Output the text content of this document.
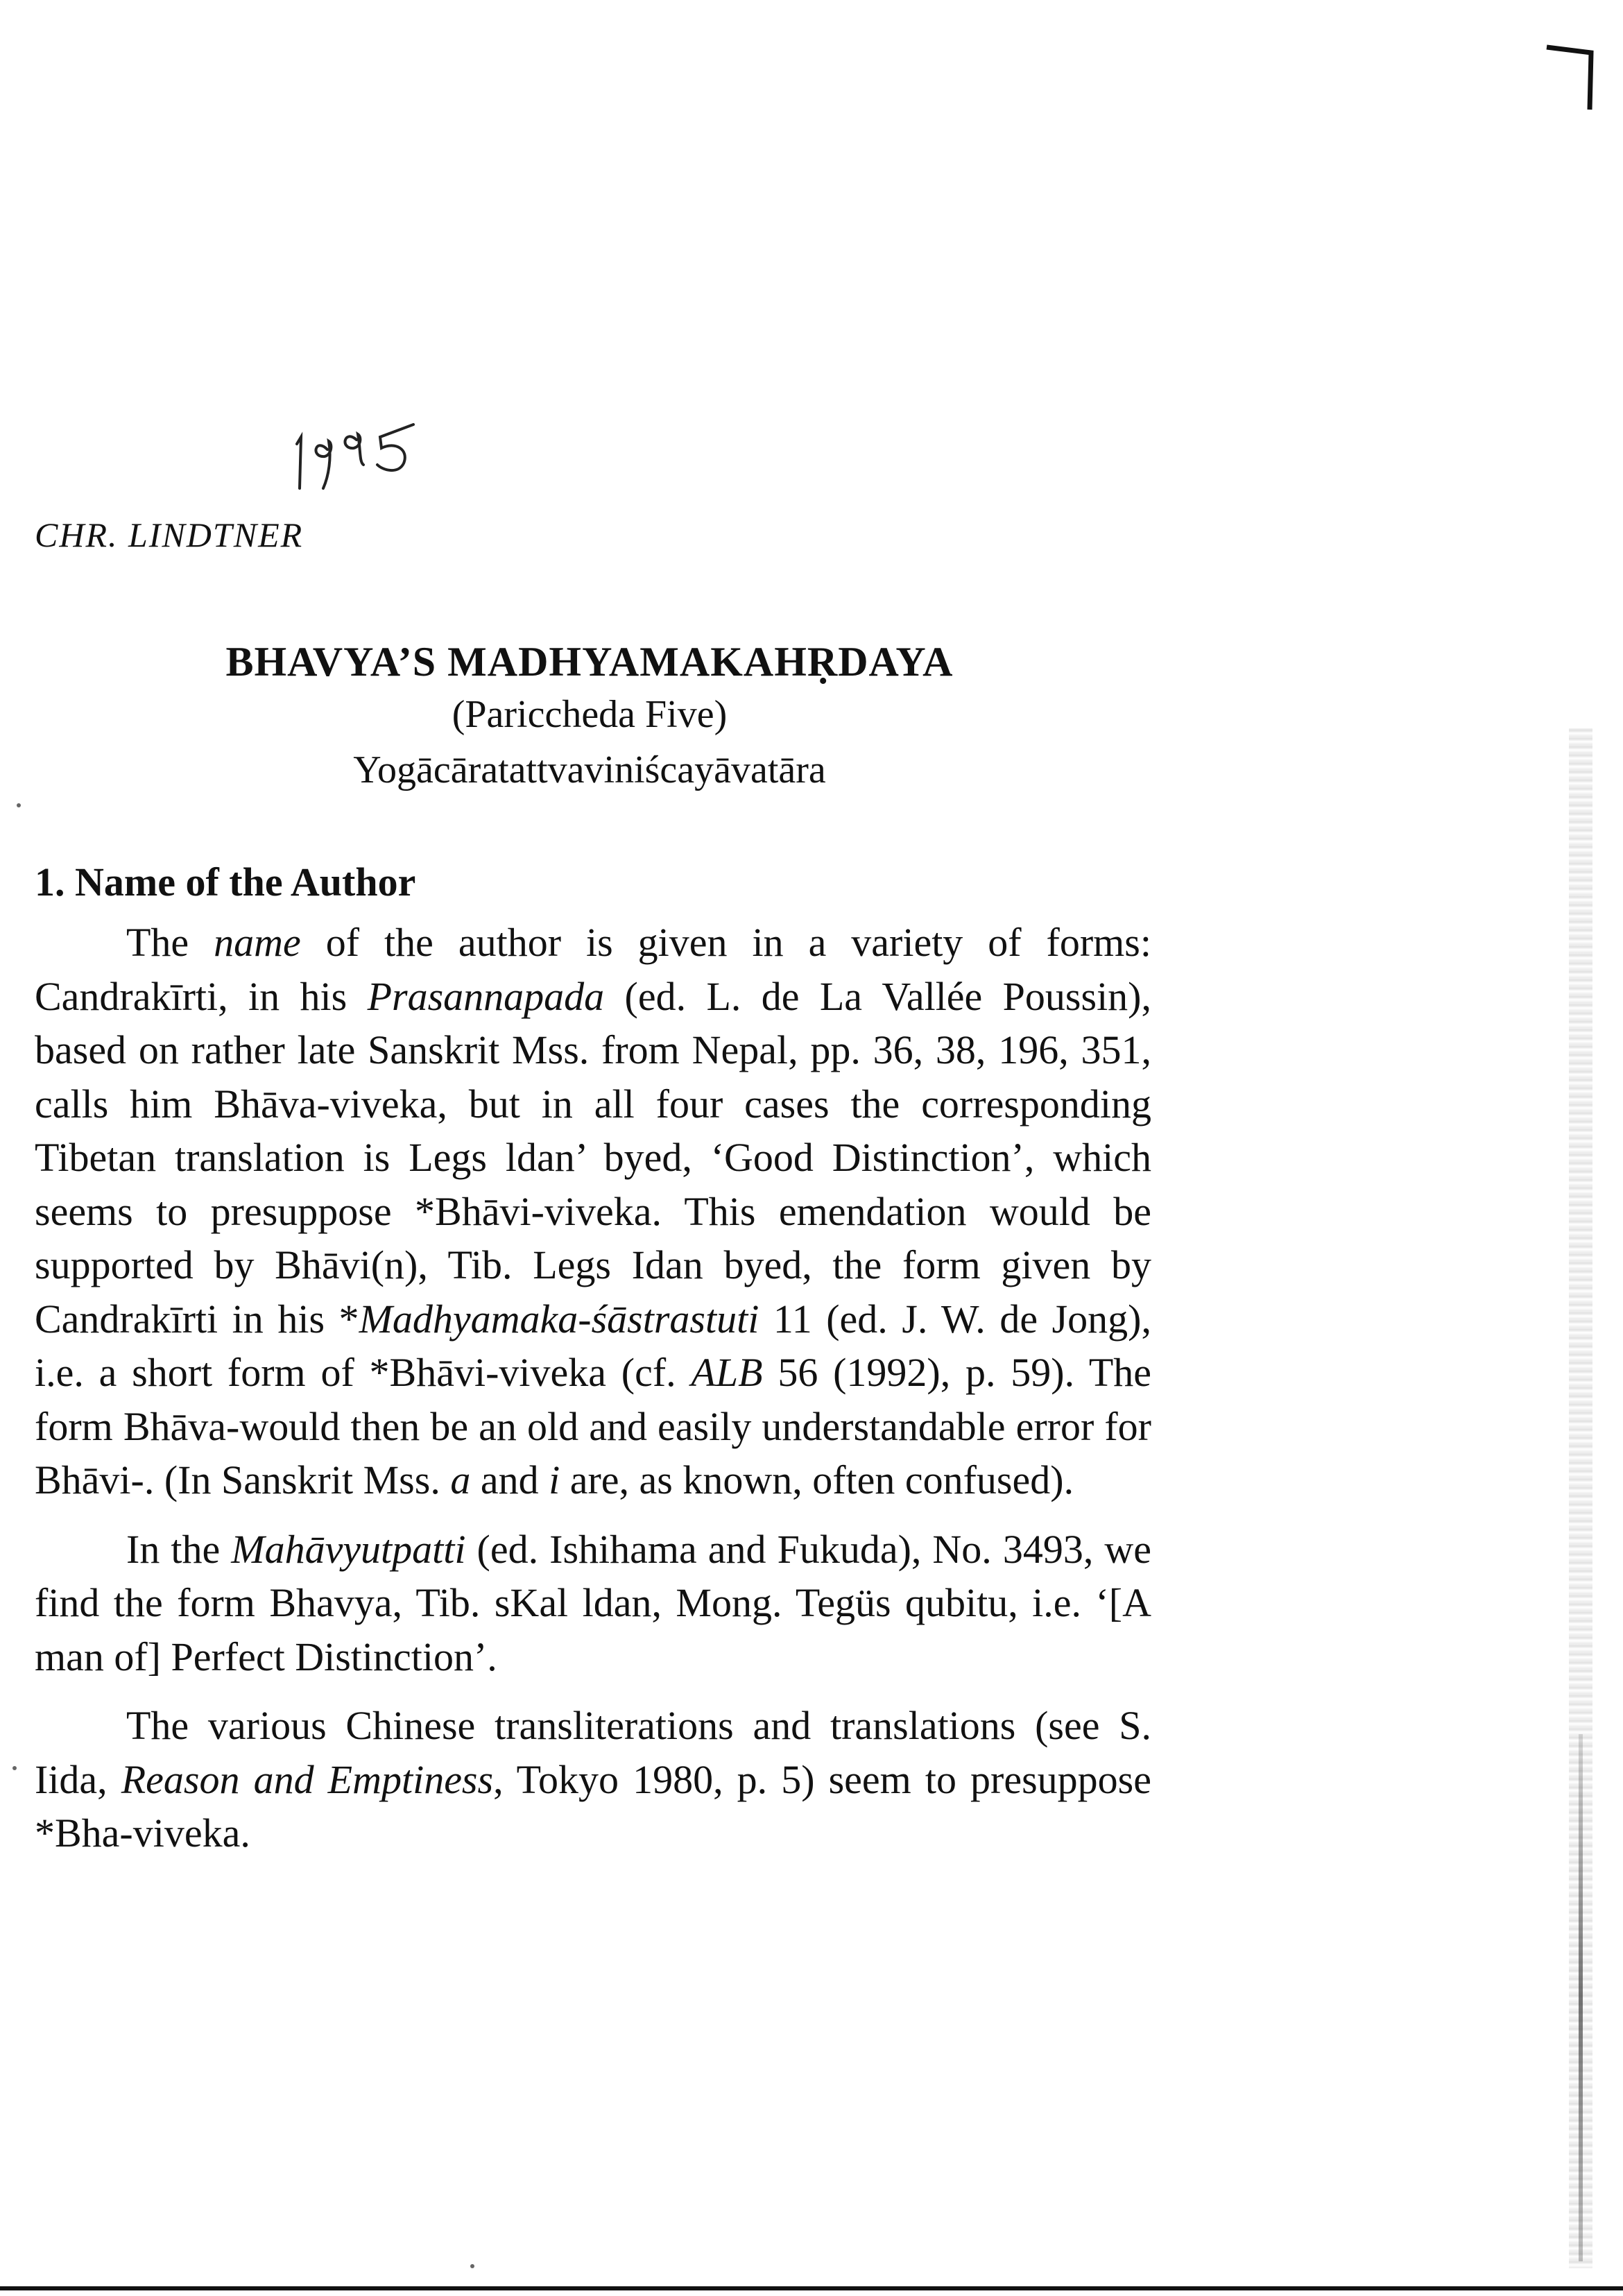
CHR. LINDTNER
BHAVYA’S MADHYAMAKAHṚDAYA
(Pariccheda Five)
Yogācāratattvaviniścayāvatāra
1. Name of the Author

The name of the author is given in a variety of forms: Candrakīrti, in his Prasannapada (ed. L. de La Vallée Poussin), based on rather late Sanskrit Mss. from Nepal, pp. 36, 38, 196, 351, calls him Bhāva-viveka, but in all four cases the corresponding Tibetan translation is Legs ldan’ byed, ‘Good Distinction’, which seems to presuppose *Bhāvi-viveka. This emendation would be supported by Bhāvi(n), Tib. Legs Idan byed, the form given by Candrakīrti in his *Madhyamaka-śāstrastuti 11 (ed. J. W. de Jong), i.e. a short form of *Bhāvi-viveka (cf. ALB 56 (1992), p. 59). The form Bhāva-would then be an old and easily understandable error for Bhāvi-. (In Sanskrit Mss. a and i are, as known, often confused).

In the Mahāvyutpatti (ed. Ishihama and Fukuda), No. 3493, we find the form Bhavya, Tib. sKal ldan, Mong. Tegüs qubitu, i.e. ‘[A man of] Perfect Distinction’.

The various Chinese transliterations and translations (see S. Iida, Reason and Emptiness, Tokyo 1980, p. 5) seem to presuppose *Bha-viveka.
